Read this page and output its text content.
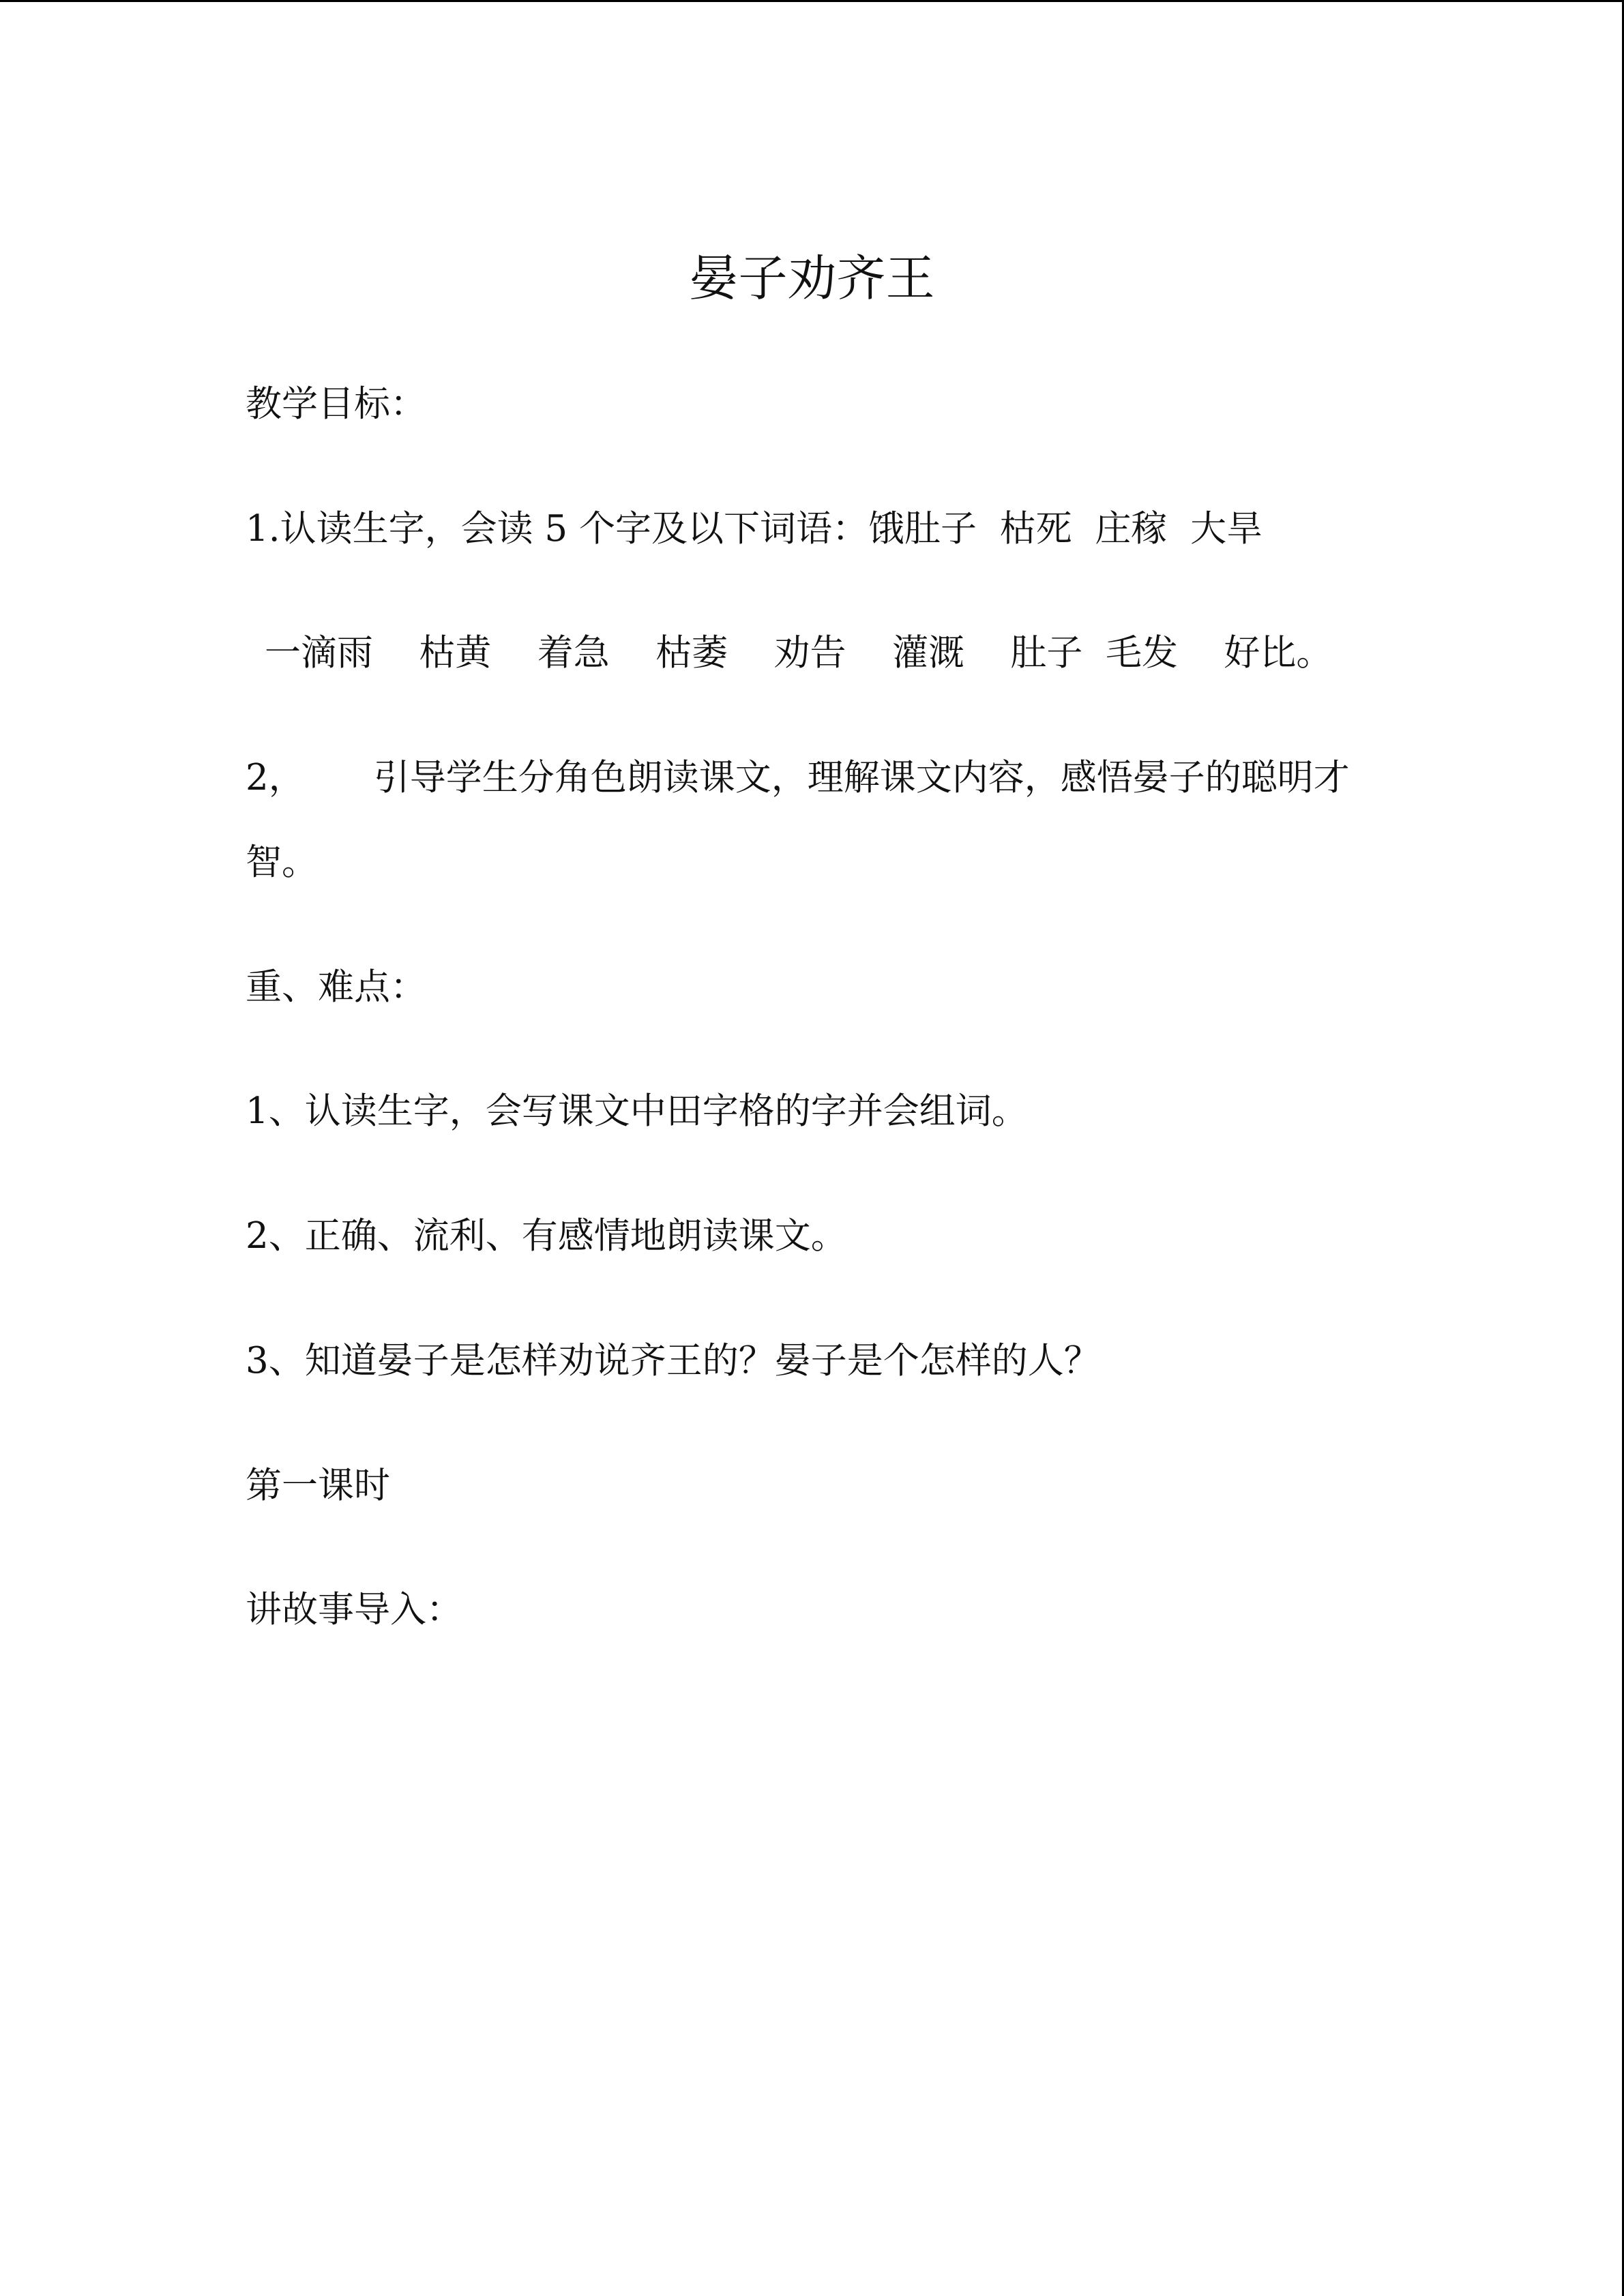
晏子劝齐王

教学目标：

1.认读生字，会读 5 个字及以下词语：饿肚子  枯死  庄稼  大旱

一滴雨    枯黄    着急    枯萎    劝告    灌溉    肚子  毛发    好比。

2，      引导学生分角色朗读课文，理解课文内容，感悟晏子的聪明才

智。

重、难点：

1、认读生字，会写课文中田字格的字并会组词。

2、正确、流利、有感情地朗读课文。

3、知道晏子是怎样劝说齐王的？晏子是个怎样的人？

第一课时

讲故事导入：
